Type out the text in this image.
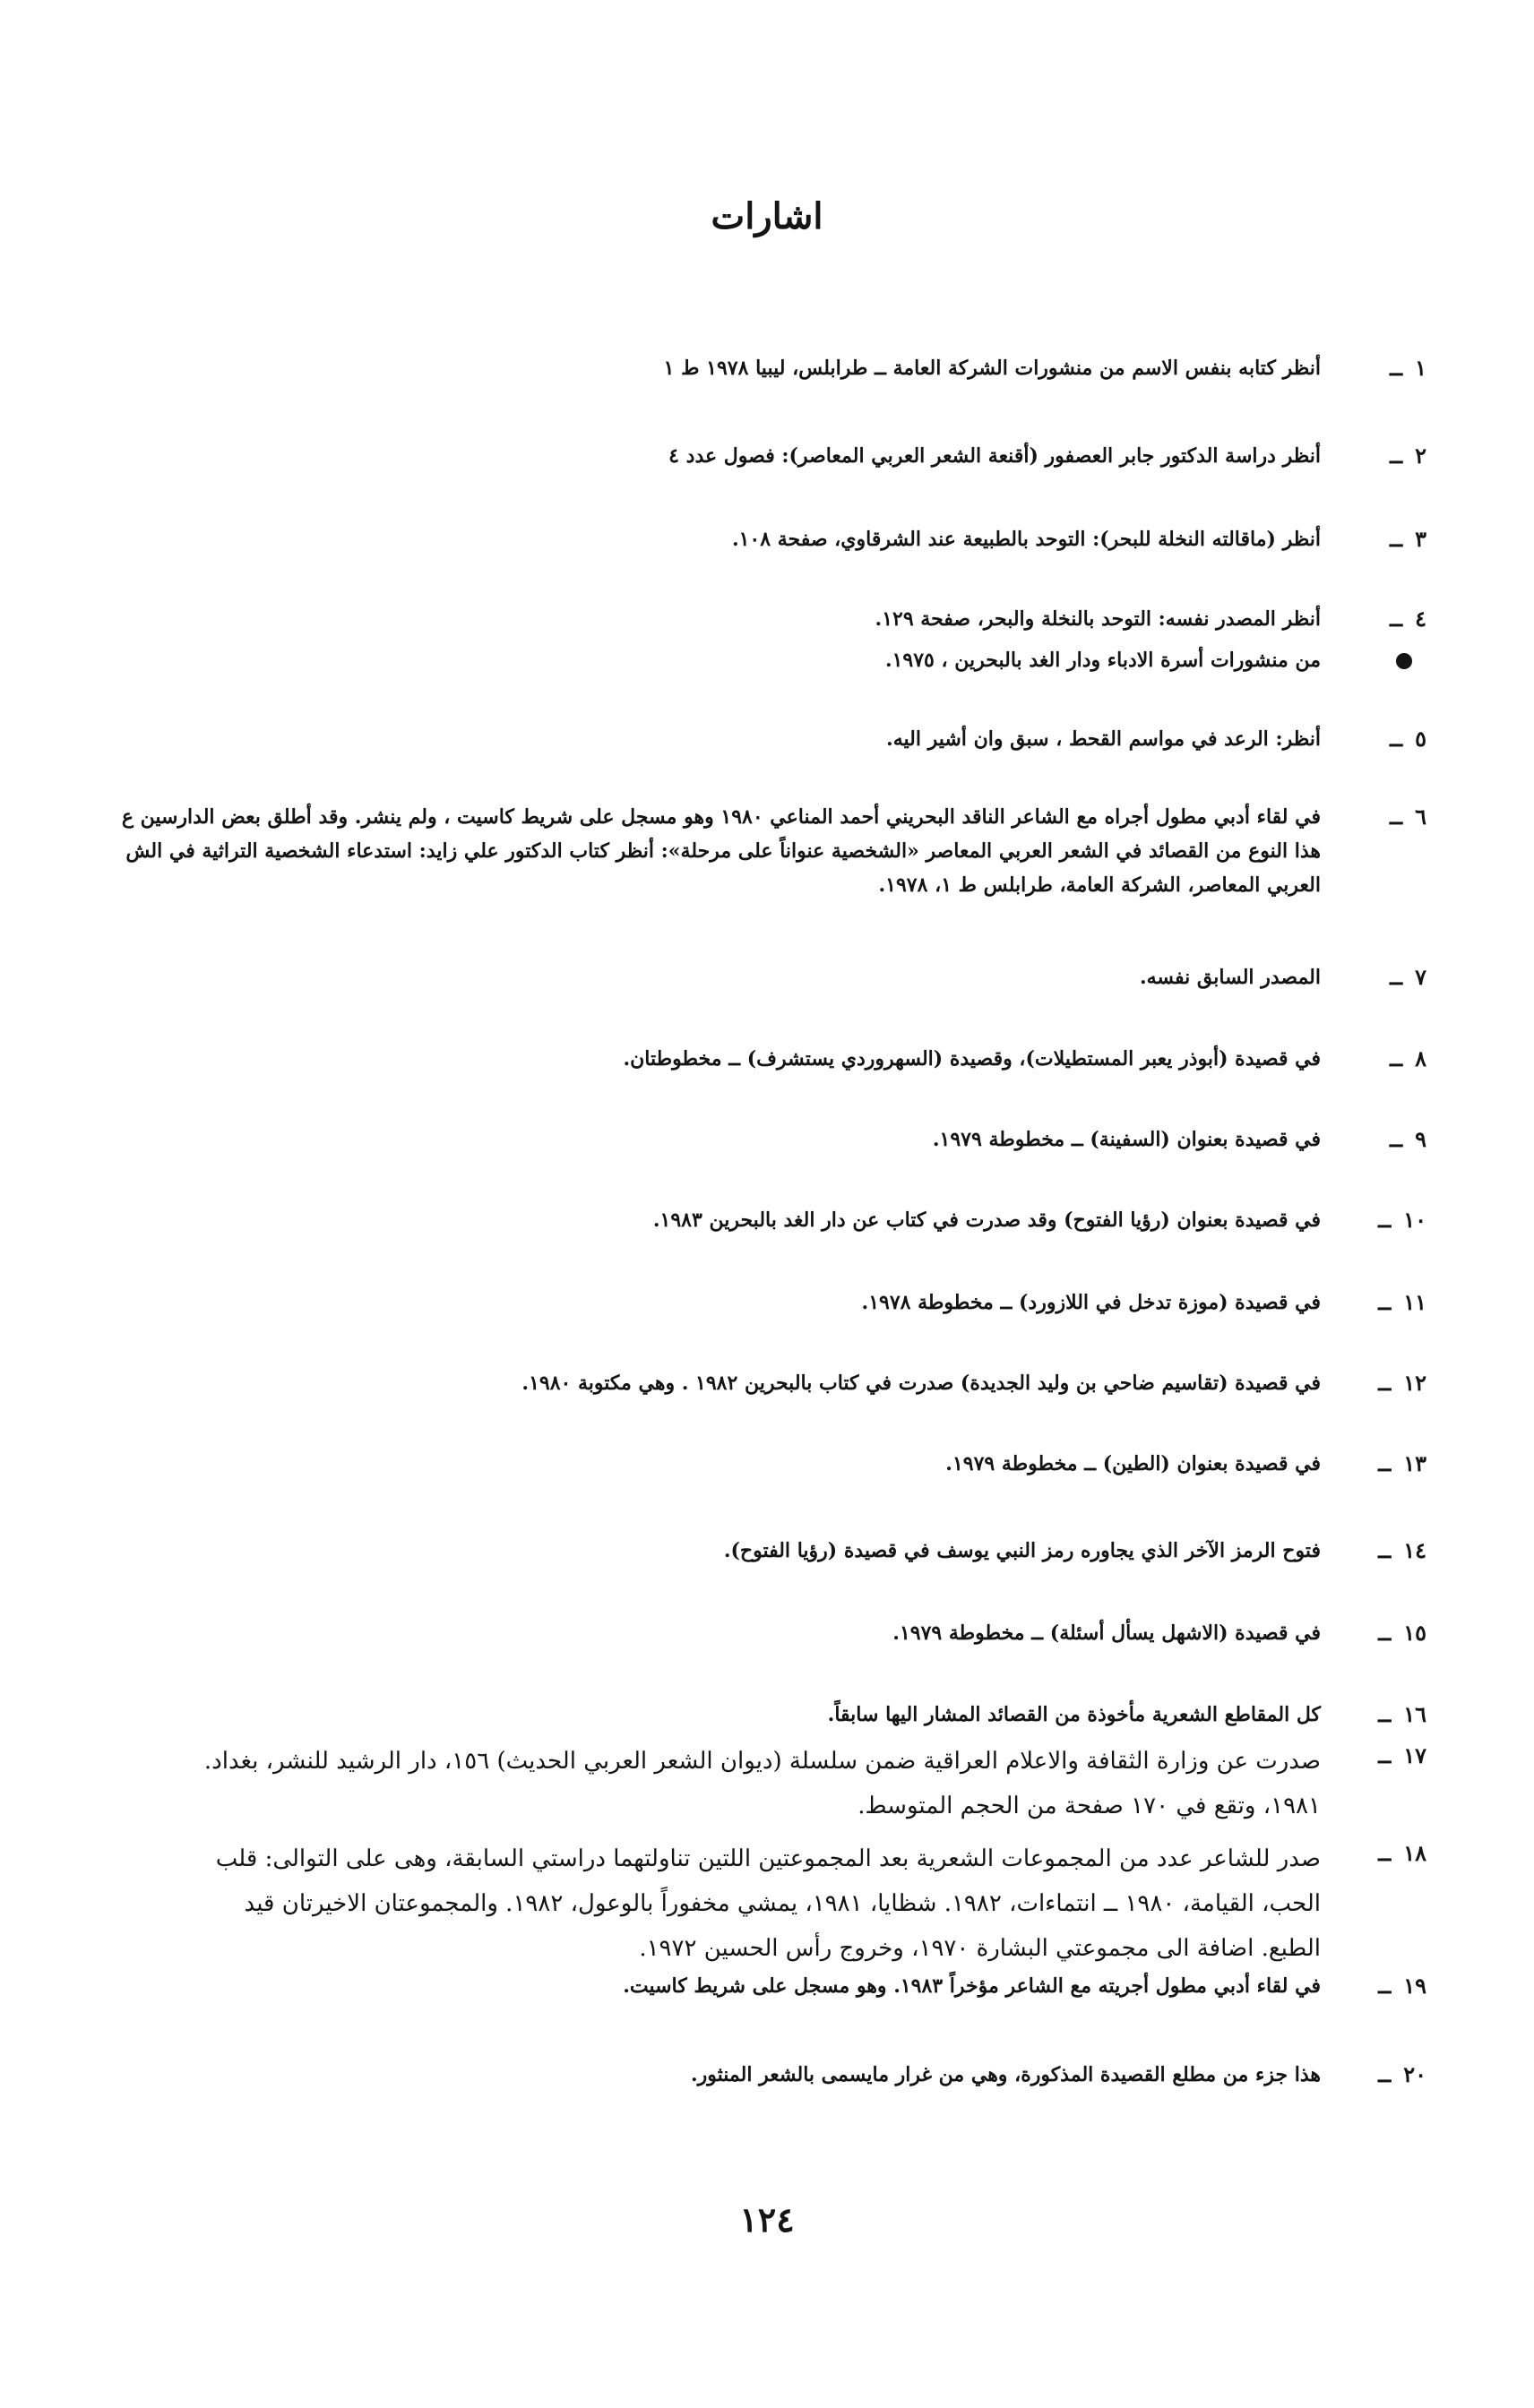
اشارات
١ــ
أنظر كتابه بنفس الاسم من منشورات الشركة العامة ــ طرابلس، ليبيا ١٩٧٨ ط ١
٢ــ
أنظر دراسة الدكتور جابر العصفور (أقنعة الشعر العربي المعاصر): فصول عدد ٤
٣ــ
أنظر (ماقالته النخلة للبحر): التوحد بالطبيعة عند الشرقاوي، صفحة ١٠٨.
٤ــ
أنظر المصدر نفسه: التوحد بالنخلة والبحر، صفحة ١٢٩.
من منشورات أسرة الادباء ودار الغد بالبحرين ، ١٩٧٥.
٥ــ
أنظر: الرعد في مواسم القحط ، سبق وان أشير اليه.
٦ــ
في لقاء أدبي مطول أجراه مع الشاعر الناقد البحريني أحمد المناعي ١٩٨٠ وهو مسجل على شريط كاسيت ، ولم ينشر. وقد أطلق بعض الدارسين ع
هذا النوع من القصائد في الشعر العربي المعاصر «الشخصية عنواناً على مرحلة»: أنظر كتاب الدكتور علي زايد: استدعاء الشخصية التراثية في الش
العربي المعاصر، الشركة العامة، طرابلس ط ١، ١٩٧٨.
٧ــ
المصدر السابق نفسه.
٨ــ
في قصيدة (أبوذر يعبر المستطيلات)، وقصيدة (السهروردي يستشرف) ــ مخطوطتان.
٩ــ
في قصيدة بعنوان (السفينة) ــ مخطوطة ١٩٧٩.
١٠ــ
في قصيدة بعنوان (رؤيا الفتوح) وقد صدرت في كتاب عن دار الغد بالبحرين ١٩٨٣.
١١ــ
في قصيدة (موزة تدخل في اللازورد) ــ مخطوطة ١٩٧٨.
١٢ــ
في قصيدة (تقاسيم ضاحي بن وليد الجديدة) صدرت في كتاب بالبحرين ١٩٨٢ . وهي مكتوبة ١٩٨٠.
١٣ــ
في قصيدة بعنوان (الطين) ــ مخطوطة ١٩٧٩.
١٤ــ
فتوح الرمز الآخر الذي يجاوره رمز النبي يوسف في قصيدة (رؤيا الفتوح).
١٥ــ
في قصيدة (الاشهل يسأل أسئلة) ــ مخطوطة ١٩٧٩.
١٦ــ
كل المقاطع الشعرية مأخوذة من القصائد المشار اليها سابقاً.
١٧ــ
صدرت عن وزارة الثقافة والاعلام العراقية ضمن سلسلة (ديوان الشعر العربي الحديث) ١٥٦، دار الرشيد للنشر، بغداد.
١٩٨١، وتقع في ١٧٠ صفحة من الحجم المتوسط.
١٨ــ
صدر للشاعر عدد من المجموعات الشعرية بعد المجموعتين اللتين تناولتهما دراستي السابقة، وهى على التوالى: قلب
الحب، القيامة، ١٩٨٠ ــ انتماءات، ١٩٨٢. شظايا، ١٩٨١، يمشي مخفوراً بالوعول، ١٩٨٢. والمجموعتان الاخيرتان قيد
الطبع. اضافة الى مجموعتي البشارة ١٩٧٠، وخروج رأس الحسين ١٩٧٢.
١٩ــ
في لقاء أدبي مطول أجريته مع الشاعر مؤخراً ١٩٨٣. وهو مسجل على شريط كاسيت.
٢٠ــ
هذا جزء من مطلع القصيدة المذكورة، وهي من غرار مايسمى بالشعر المنثور.
١٢٤
